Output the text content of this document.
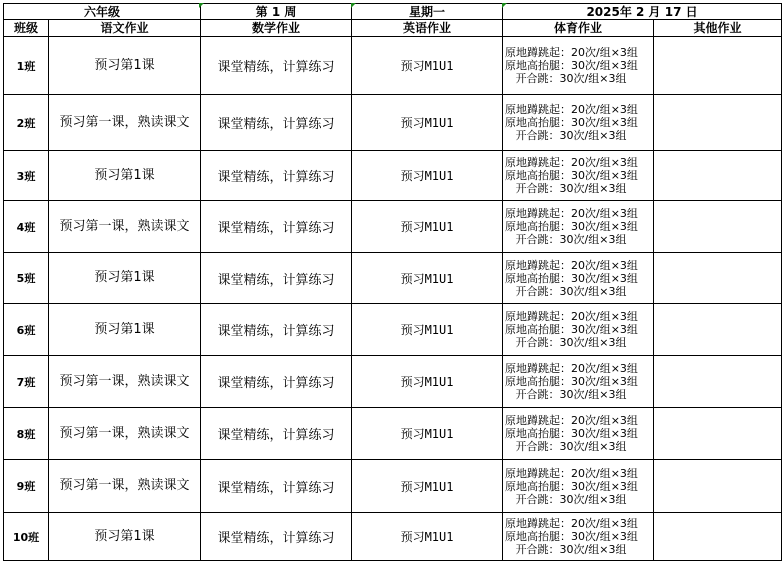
六年级		第 1 周	星期一	2025年 2 月 17 日	
班级	语文作业	数学作业	英语作业	体育作业	其他作业
1班	预习第1课	课堂精练，计算练习	预习M1U1	原地蹲跳起：20次/组×3组
原地高抬腿：30次/组×3组
开合跳：30次/组×3组	

2班	预习第一课，熟读课文	课堂精练，计算练习	预习M1U1	原地蹲跳起：20次/组×3组
原地高抬腿：30次/组×3组
开合跳：30次/组×3组	

3班	预习第1课	课堂精练，计算练习	预习M1U1	原地蹲跳起：20次/组×3组
原地高抬腿：30次/组×3组
开合跳：30次/组×3组	

4班	预习第一课，熟读课文	课堂精练，计算练习	预习M1U1	原地蹲跳起：20次/组×3组
原地高抬腿：30次/组×3组
开合跳：30次/组×3组	

5班	预习第1课	课堂精练，计算练习	预习M1U1	原地蹲跳起：20次/组×3组
原地高抬腿：30次/组×3组
开合跳：30次/组×3组	

6班	预习第1课	课堂精练，计算练习	预习M1U1	原地蹲跳起：20次/组×3组
原地高抬腿：30次/组×3组
开合跳：30次/组×3组	

7班	预习第一课，熟读课文	课堂精练，计算练习	预习M1U1	原地蹲跳起：20次/组×3组
原地高抬腿：30次/组×3组
开合跳：30次/组×3组	

8班	预习第一课，熟读课文	课堂精练，计算练习	预习M1U1	原地蹲跳起：20次/组×3组
原地高抬腿：30次/组×3组
开合跳：30次/组×3组	

9班	预习第一课，熟读课文	课堂精练，计算练习	预习M1U1	原地蹲跳起：20次/组×3组
原地高抬腿：30次/组×3组
开合跳：30次/组×3组	

10班	预习第1课	课堂精练，计算练习	预习M1U1	原地蹲跳起：20次/组×3组
原地高抬腿：30次/组×3组
开合跳：30次/组×3组	
